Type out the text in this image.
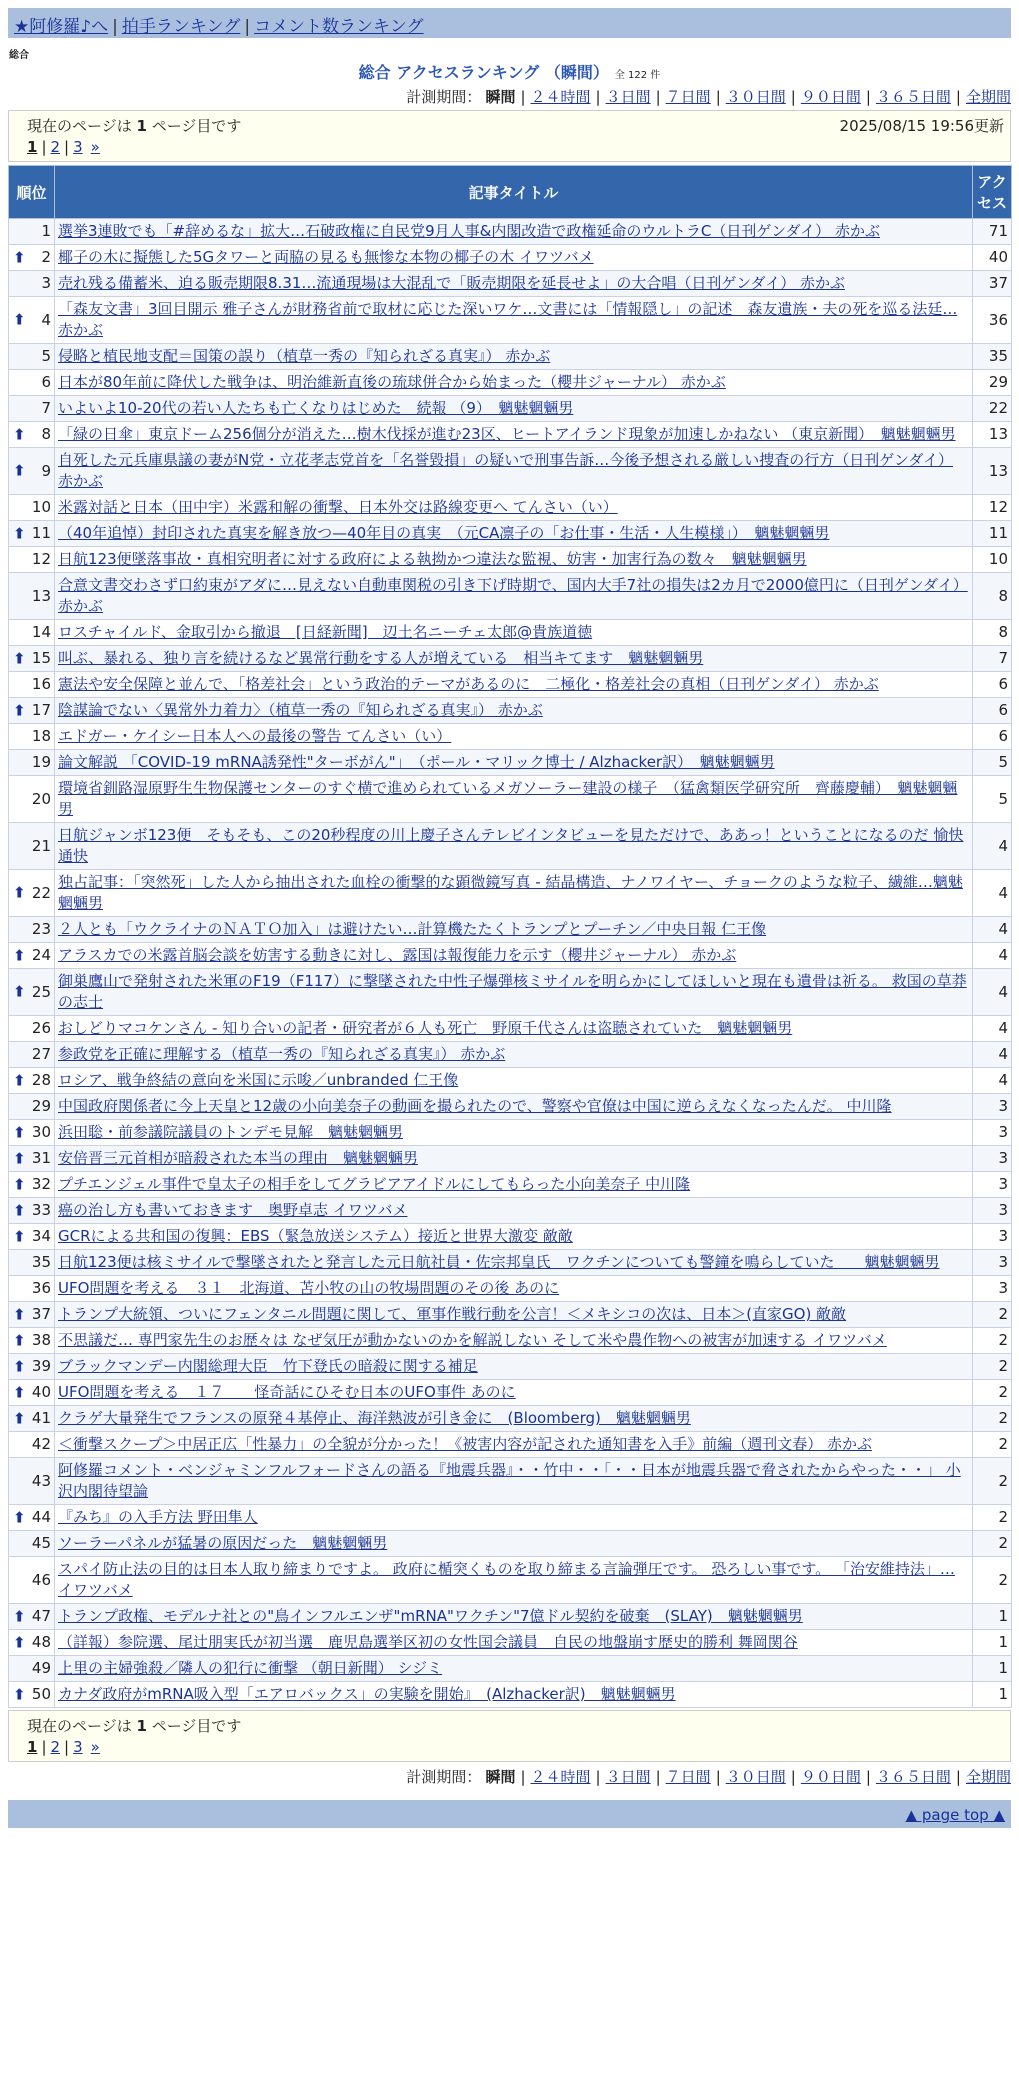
★阿修羅♪へ | 拍手ランキング | コメント数ランキング
総合
総合 アクセスランキング （瞬間） 全 122 件
計測期間： 瞬間 | ２４時間 | ３日間 | ７日間 | ３０日間 | ９０日間 | ３６５日間 | 全期間
現在のページは 1 ページ目です	2025/08/15 19:56更新
1 | 2 | 3 »
順位	記事タイトル	アクセス
1	選挙3連敗でも「#辞めるな」拡大…石破政権に自民党9月人事&内閣改造で政権延命のウルトラC（日刊ゲンダイ） 赤かぶ	71

⬆ 2	椰子の木に擬態した5Gタワーと両脇の見るも無惨な本物の椰子の木 イワツバメ	40
3	売れ残る備蓄米、迫る販売期限8.31…流通現場は大混乱で「販売期限を延長せよ」の大合唱（日刊ゲンダイ） 赤かぶ	37

⬆ 4	「森友文書」3回目開示 雅子さんが財務省前で取材に応じた深いワケ…文書には「情報隠し」の記述　森友遺族・夫の死を巡る法廷… 赤かぶ	36
5	侵略と植民地支配＝国策の誤り（植草一秀の『知られざる真実』） 赤かぶ	35
6	日本が80年前に降伏した戦争は、明治維新直後の琉球併合から始まった（櫻井ジャーナル） 赤かぶ	29
7	いよいよ10-20代の若い人たちも亡くなりはじめた　続報 （9）　魑魅魍魎男	22

⬆ 8	「緑の日傘」東京ドーム256個分が消えた…樹木伐採が進む23区、ヒートアイランド現象が加速しかねない （東京新聞）　魑魅魍魎男	13

⬆ 9	自死した元兵庫県議の妻がN党・立花孝志党首を「名誉毀損」の疑いで刑事告訴…今後予想される厳しい捜査の行方（日刊ゲンダイ） 赤かぶ	13
10	米露対話と日本（田中宇）米露和解の衝撃、日本外交は路線変更へ てんさい（い）	12

⬆ 11	（40年追悼）封印された真実を解き放つ—40年目の真実　（元CA凛子の「お仕事・生活・人生模様」）　魑魅魍魎男	11
12	日航123便墜落事故・真相究明者に対する政府による執拗かつ違法な監視、妨害・加害行為の数々　魑魅魍魎男	10
13	合意文書交わさず口約束がアダに…見えない自動車関税の引き下げ時期で、国内大手7社の損失は2カ月で2000億円に（日刊ゲンダイ） 赤かぶ	8
14	ロスチャイルド、金取引から撤退　[日経新聞]　辺土名ニーチェ太郎@貴族道徳	8

⬆ 15	叫ぶ、暴れる、独り言を続けるなど異常行動をする人が増えている　相当キてます　魑魅魍魎男	7
16	憲法や安全保障と並んで、「格差社会」という政治的テーマがあるのに　二極化・格差社会の真相（日刊ゲンダイ） 赤かぶ	6

⬆ 17	陰謀論でない〈異常外力着力〉（植草一秀の『知られざる真実』） 赤かぶ	6
18	エドガー・ケイシー日本人への最後の警告 てんさい（い）	6
19	論文解説 「COVID-19 mRNA誘発性"ターボがん"」　（ポール・マリック博士 / Alzhacker訳）　魑魅魍魎男	5
20	環境省釧路湿原野生生物保護センターのすぐ横で進められているメガソーラー建設の様子　（猛禽類医学研究所　齊藤慶輔）　魑魅魍魎男	5
21	日航ジャンボ123便　そもそも、この20秒程度の川上慶子さんテレビインタビューを見ただけで、ああっ！ということになるのだ 愉快通快	4

⬆ 22	独占記事：「突然死」した人から抽出された血栓の衝撃的な顕微鏡写真 - 結晶構造、ナノワイヤー、チョークのような粒子、繊維…魑魅魍魎男	4
23	２人とも「ウクライナのＮＡＴＯ加入」は避けたい…計算機たたくトランプとプーチン／中央日報 仁王像	4

⬆ 24	アラスカでの米露首脳会談を妨害する動きに対し、露国は報復能力を示す（櫻井ジャーナル） 赤かぶ	4

⬆ 25	御巣鷹山で発射された米軍のF19（F117）に撃墜された中性子爆弾核ミサイルを明らかにしてほしいと現在も遺骨は祈る。 救国の草莽の志士	4
26	おしどりマコケンさん - 知り合いの記者・研究者が６人も死亡　野原千代さんは盗聴されていた　魑魅魍魎男	4
27	参政党を正確に理解する（植草一秀の『知られざる真実』） 赤かぶ	4

⬆ 28	ロシア、戦争終結の意向を米国に示唆／unbranded 仁王像	4
29	中国政府関係者に今上天皇と12歳の小向美奈子の動画を撮られたので、警察や官僚は中国に逆らえなくなったんだ。 中川隆	3

⬆ 30	浜田聡・前参議院議員のトンデモ見解　魑魅魍魎男	3

⬆ 31	安倍晋三元首相が暗殺された本当の理由　魑魅魍魎男	3

⬆ 32	プチエンジェル事件で皇太子の相手をしてグラビアアイドルにしてもらった小向美奈子 中川隆	3

⬆ 33	癌の治し方も書いておきます　奥野卓志 イワツバメ	3

⬆ 34	GCRによる共和国の復興：EBS（緊急放送システム）接近と世界大激変 敵敵	3
35	日航123便は核ミサイルで撃墜されたと発言した元日航社員・佐宗邦皇氏　ワクチンについても警鐘を鳴らしていた　　魑魅魍魎男	3
36	UFO問題を考える　３１　北海道、苫小牧の山の牧場問題のその後 あのに	3

⬆ 37	トランプ大統領、ついにフェンタニル問題に関して、軍事作戦行動を公言！＜メキシコの次は、日本＞(直家GO) 敵敵	2

⬆ 38	不思議だ… 専門家先生のお歴々は なぜ気圧が動かないのかを解説しない そして米や農作物への被害が加速する イワツバメ	2

⬆ 39	ブラックマンデー内閣総理大臣　竹下登氏の暗殺に関する補足	2

⬆ 40	UFO問題を考える　１７　　怪奇話にひそむ日本のUFO事件 あのに	2

⬆ 41	クラゲ大量発生でフランスの原発４基停止、海洋熱波が引き金に　(Bloomberg)　魑魅魍魎男	2
42	＜衝撃スクープ＞中居正広「性暴力」の全貌が分かった！《被害内容が記された通知書を入手》前編（週刊文春） 赤かぶ	2
43	阿修羅コメント・ベンジャミンフルフォードさんの語る『地震兵器』・・竹中・・「・・日本が地震兵器で脅されたからやった・・」 小沢内閣待望論	2

⬆ 44	『みち』の入手方法 野田隼人	2
45	ソーラーパネルが猛暑の原因だった　魑魅魍魎男	2
46	スパイ防止法の目的は日本人取り締まりですよ。 政府に楯突くものを取り締まる言論弾圧です。 恐ろしい事です。 「治安維持法」… イワツバメ	2

⬆ 47	トランプ政権、モデルナ社との"鳥インフルエンザ"mRNA"ワクチン"7億ドル契約を破棄　(SLAY)　魑魅魍魎男	1

⬆ 48	（詳報）参院選、尾辻朋実氏が初当選　鹿児島選挙区初の女性国会議員　自民の地盤崩す歴史的勝利 舞岡関谷	1
49	上里の主婦強殺／隣人の犯行に衝撃 （朝日新聞） シジミ	1

⬆ 50	カナダ政府がmRNA吸入型「エアロバックス」の実験を開始』　(Alzhacker訳)　魑魅魍魎男	1
現在のページは 1 ページ目です
1 | 2 | 3 »
計測期間： 瞬間 | ２４時間 | ３日間 | ７日間 | ３０日間 | ９０日間 | ３６５日間 | 全期間
▲ page top ▲
